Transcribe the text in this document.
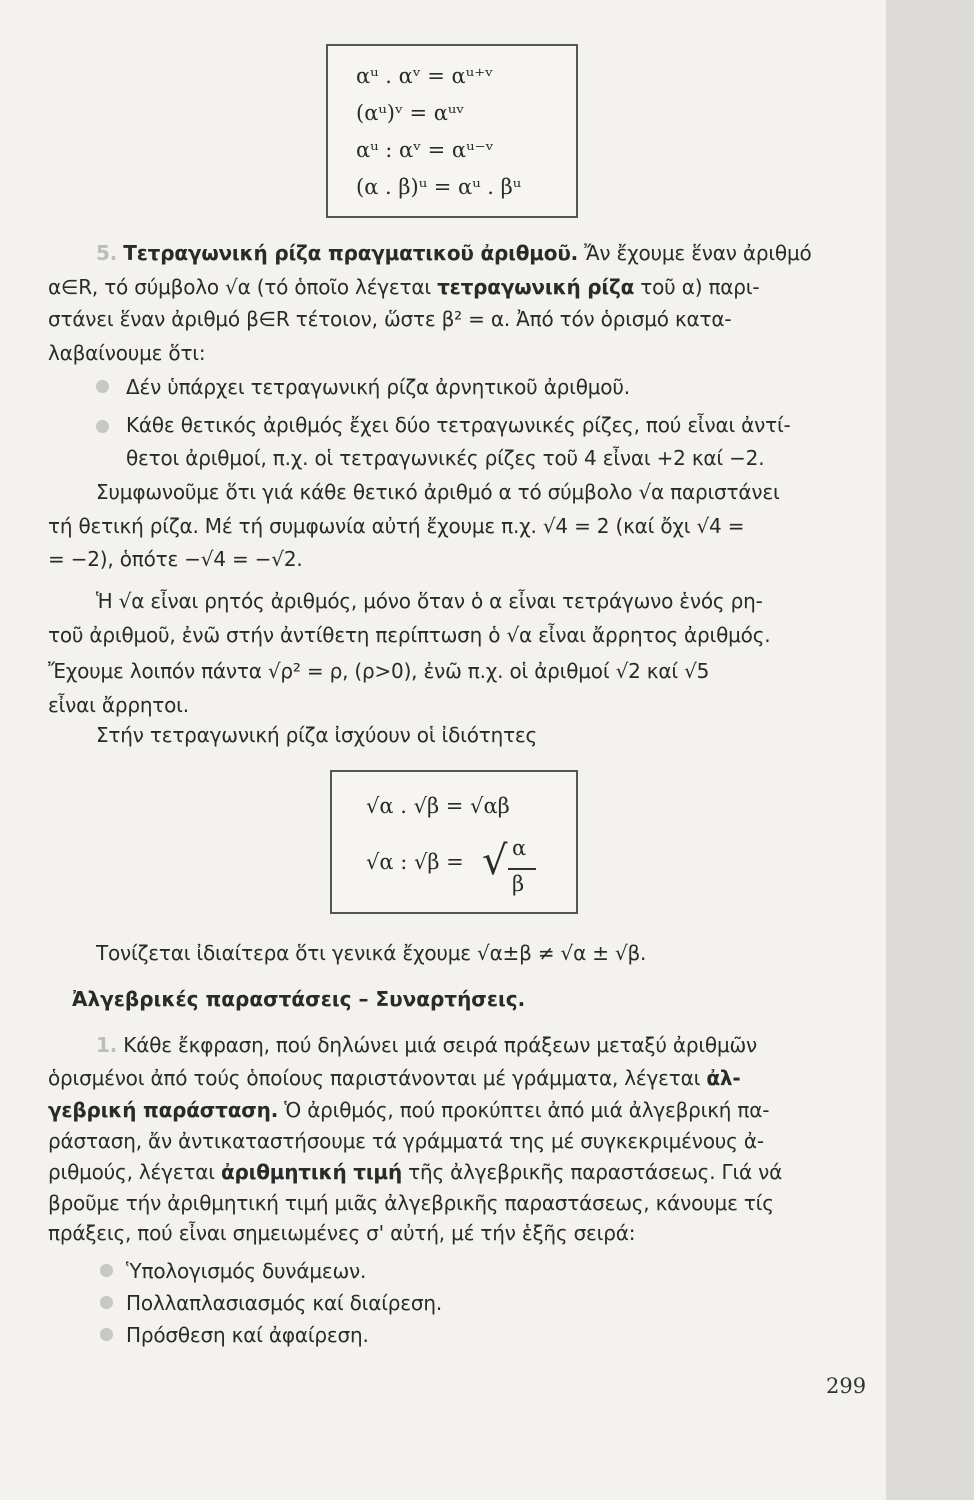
αᵘ . αᵛ = αᵘ⁺ᵛ
(αᵘ)ᵛ = αᵘᵛ
αᵘ : αᵛ = αᵘ⁻ᵛ
(α . β)ᵘ = αᵘ . βᵘ
5. Τετραγωνική ρίζα πραγματικοῦ ἀριθμοῦ. Ἄν ἔχουμε ἕναν ἀριθμό
α∈R, τό σύμβολο √α (τό ὁποῖο λέγεται τετραγωνική ρίζα τοῦ α) παρι-
στάνει ἕναν ἀριθμό β∈R τέτοιον, ὥστε β² = α. Ἀπό τόν ὁρισμό κατα-
λαβαίνουμε ὅτι:
Δέν ὑπάρχει τετραγωνική ρίζα ἀρνητικοῦ ἀριθμοῦ.
Κάθε θετικός ἀριθμός ἔχει δύο τετραγωνικές ρίζες, πού εἶναι ἀντί-
θετοι ἀριθμοί, π.χ. οἱ τετραγωνικές ρίζες τοῦ 4 εἶναι +2 καί −2.
Συμφωνοῦμε ὅτι γιά κάθε θετικό ἀριθμό α τό σύμβολο √α παριστάνει
τή θετική ρίζα. Μέ τή συμφωνία αὐτή ἔχουμε π.χ. √4 = 2 (καί ὄχι √4 =
= −2), ὁπότε −√4 = −√2.
Ἡ √α εἶναι ρητός ἀριθμός, μόνο ὅταν ὁ α εἶναι τετράγωνο ἑνός ρη-
τοῦ ἀριθμοῦ, ἐνῶ στήν ἀντίθετη περίπτωση ὁ √α εἶναι ἄρρητος ἀριθμός.
Ἔχουμε λοιπόν πάντα √ρ² = ρ, (ρ>0), ἐνῶ π.χ. οἱ ἀριθμοί √2 καί √5
εἶναι ἄρρητοι.
Στήν τετραγωνική ρίζα ἰσχύουν οἱ ἰδιότητες
√α . √β = √αβ
√α : √β = √ α
β
Τονίζεται ἰδιαίτερα ὅτι γενικά ἔχουμε √α±β ≠ √α ± √β.
Ἀλγεβρικές παραστάσεις – Συναρτήσεις.
1. Κάθε ἔκφραση, πού δηλώνει μιά σειρά πράξεων μεταξύ ἀριθμῶν
ὁρισμένοι ἀπό τούς ὁποίους παριστάνονται μέ γράμματα, λέγεται ἀλ-
γεβρική παράσταση. Ὁ ἀριθμός, πού προκύπτει ἀπό μιά ἀλγεβρική πα-
ράσταση, ἄν ἀντικαταστήσουμε τά γράμματά της μέ συγκεκριμένους ἀ-
ριθμούς, λέγεται ἀριθμητική τιμή τῆς ἀλγεβρικῆς παραστάσεως. Γιά νά
βροῦμε τήν ἀριθμητική τιμή μιᾶς ἀλγεβρικῆς παραστάσεως, κάνουμε τίς
πράξεις, πού εἶναι σημειωμένες σ' αὐτή, μέ τήν ἑξῆς σειρά:
Ὑπολογισμός δυνάμεων.
Πολλαπλασιασμός καί διαίρεση.
Πρόσθεση καί ἀφαίρεση.
299
